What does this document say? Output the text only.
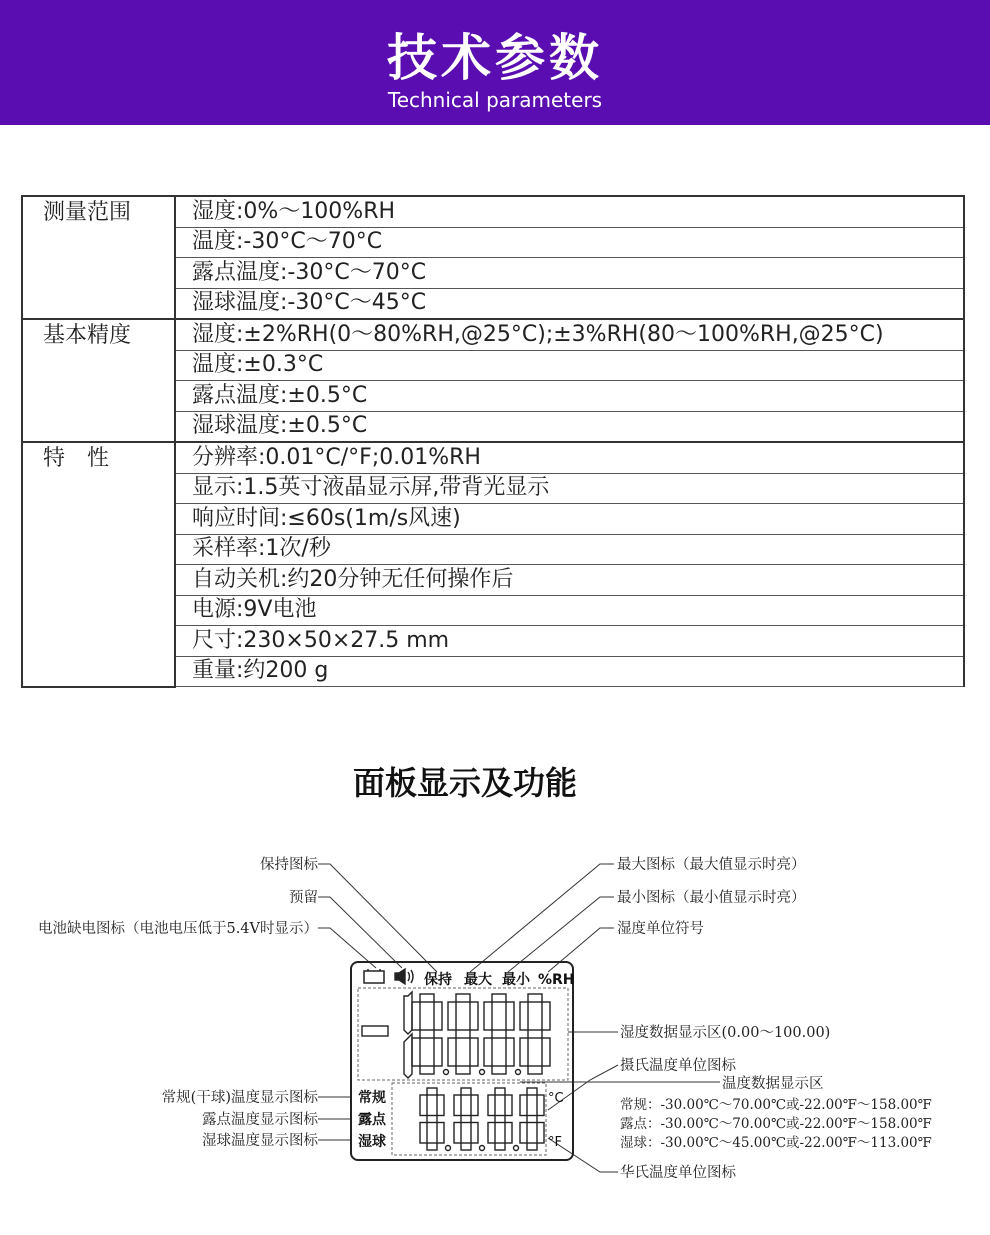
技术参数
Technical parameters
测量范围	湿度:0%～100%RH
	温度:-30°C～70°C
	露点温度:-30°C～70°C
	湿球温度:-30°C～45°C
基本精度	湿度:±2%RH(0～80%RH,@25°C);±3%RH(80～100%RH,@25°C)
	温度:±0.3°C
	露点温度:±0.5°C
	湿球温度:±0.5°C
特　性	分辨率:0.01°C/°F;0.01%RH
	显示:1.5英寸液晶显示屏,带背光显示
	响应时间:≤60s(1m/s风速)
	采样率:1次/秒
	自动关机:约20分钟无任何操作后
	电源:9V电池
	尺寸:230×50×27.5 mm
	重量:约200 g
面板显示及功能
保持 最大 最小 %RH
常规
露点
湿球
°C
°F
保持图标
预留
电池缺电图标（电池电压低于5.4V时显示）
最大图标（最大值显示时亮）
最小图标（最小值显示时亮）
湿度单位符号
湿度数据显示区(0.00～100.00)
摄氏温度单位图标
温度数据显示区
常规：-30.00℃～70.00℃或-22.00℉～158.00℉
露点：-30.00℃～70.00℃或-22.00℉～158.00℉
湿球：-30.00℃～45.00℃或-22.00℉～113.00℉
华氏温度单位图标
常规(干球)温度显示图标
露点温度显示图标
湿球温度显示图标
